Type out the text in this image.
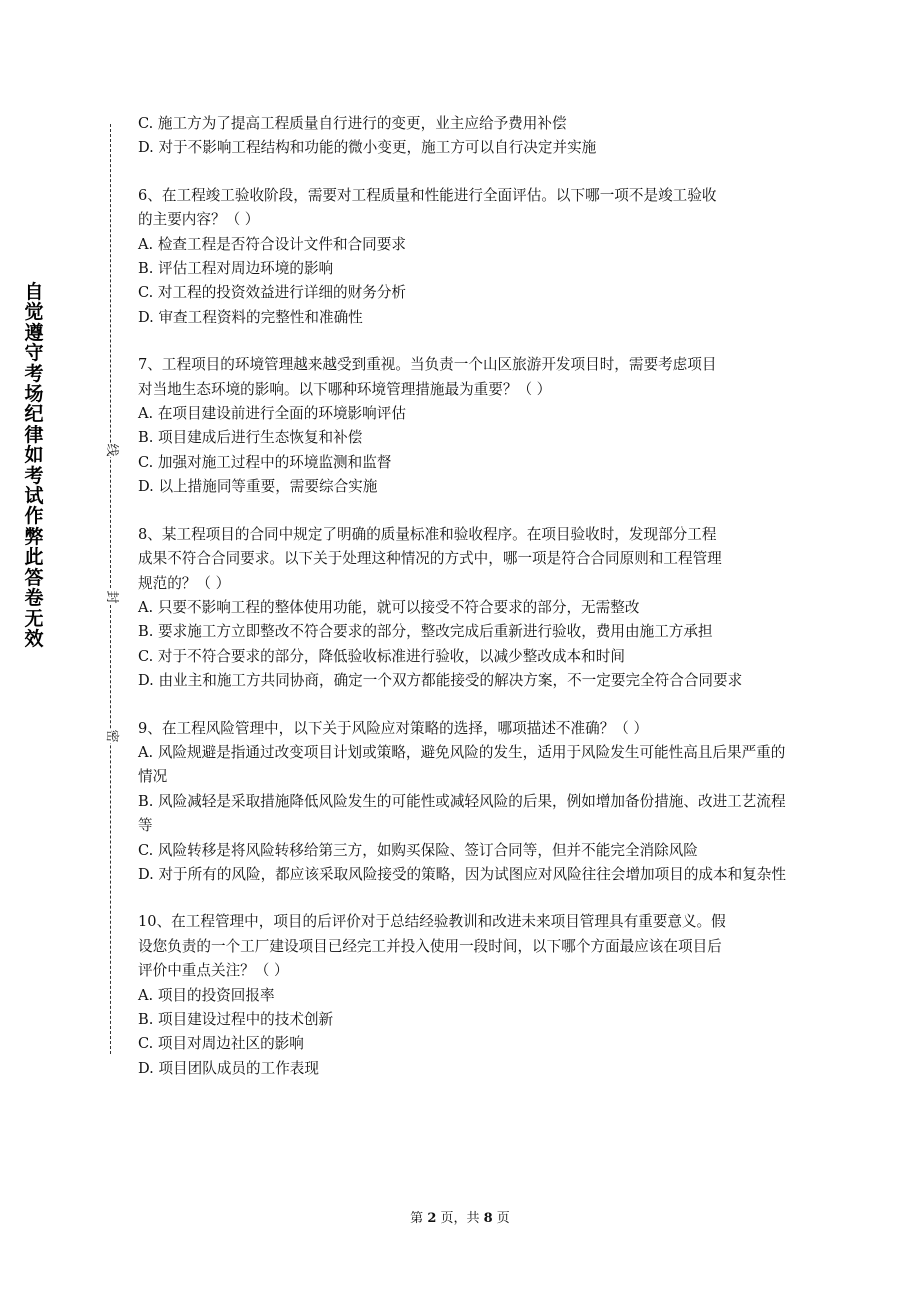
自觉遵守考场纪律如考试作弊此答卷无效
线
封
密
C. 施工方为了提高工程质量自行进行的变更，业主应给予费用补偿
D. 对于不影响工程结构和功能的微小变更，施工方可以自行决定并实施
6、在工程竣工验收阶段，需要对工程质量和性能进行全面评估。以下哪一项不是竣工验收
的主要内容？（ ）
A. 检查工程是否符合设计文件和合同要求
B. 评估工程对周边环境的影响
C. 对工程的投资效益进行详细的财务分析
D. 审查工程资料的完整性和准确性
7、工程项目的环境管理越来越受到重视。当负责一个山区旅游开发项目时，需要考虑项目
对当地生态环境的影响。以下哪种环境管理措施最为重要？（ ）
A. 在项目建设前进行全面的环境影响评估
B. 项目建成后进行生态恢复和补偿
C. 加强对施工过程中的环境监测和监督
D. 以上措施同等重要，需要综合实施
8、某工程项目的合同中规定了明确的质量标准和验收程序。在项目验收时，发现部分工程
成果不符合合同要求。以下关于处理这种情况的方式中，哪一项是符合合同原则和工程管理
规范的？（ ）
A. 只要不影响工程的整体使用功能，就可以接受不符合要求的部分，无需整改
B. 要求施工方立即整改不符合要求的部分，整改完成后重新进行验收，费用由施工方承担
C. 对于不符合要求的部分，降低验收标准进行验收，以减少整改成本和时间
D. 由业主和施工方共同协商，确定一个双方都能接受的解决方案，不一定要完全符合合同要求
9、在工程风险管理中，以下关于风险应对策略的选择，哪项描述不准确？（ ）
A. 风险规避是指通过改变项目计划或策略，避免风险的发生，适用于风险发生可能性高且后果严重的情况
B. 风险减轻是采取措施降低风险发生的可能性或减轻风险的后果，例如增加备份措施、改进工艺流程等
C. 风险转移是将风险转移给第三方，如购买保险、签订合同等，但并不能完全消除风险
D. 对于所有的风险，都应该采取风险接受的策略，因为试图应对风险往往会增加项目的成本和复杂性
10、在工程管理中，项目的后评价对于总结经验教训和改进未来项目管理具有重要意义。假
设您负责的一个工厂建设项目已经完工并投入使用一段时间，以下哪个方面最应该在项目后
评价中重点关注？（ ）
A. 项目的投资回报率
B. 项目建设过程中的技术创新
C. 项目对周边社区的影响
D. 项目团队成员的工作表现
第 2 页，共 8 页
